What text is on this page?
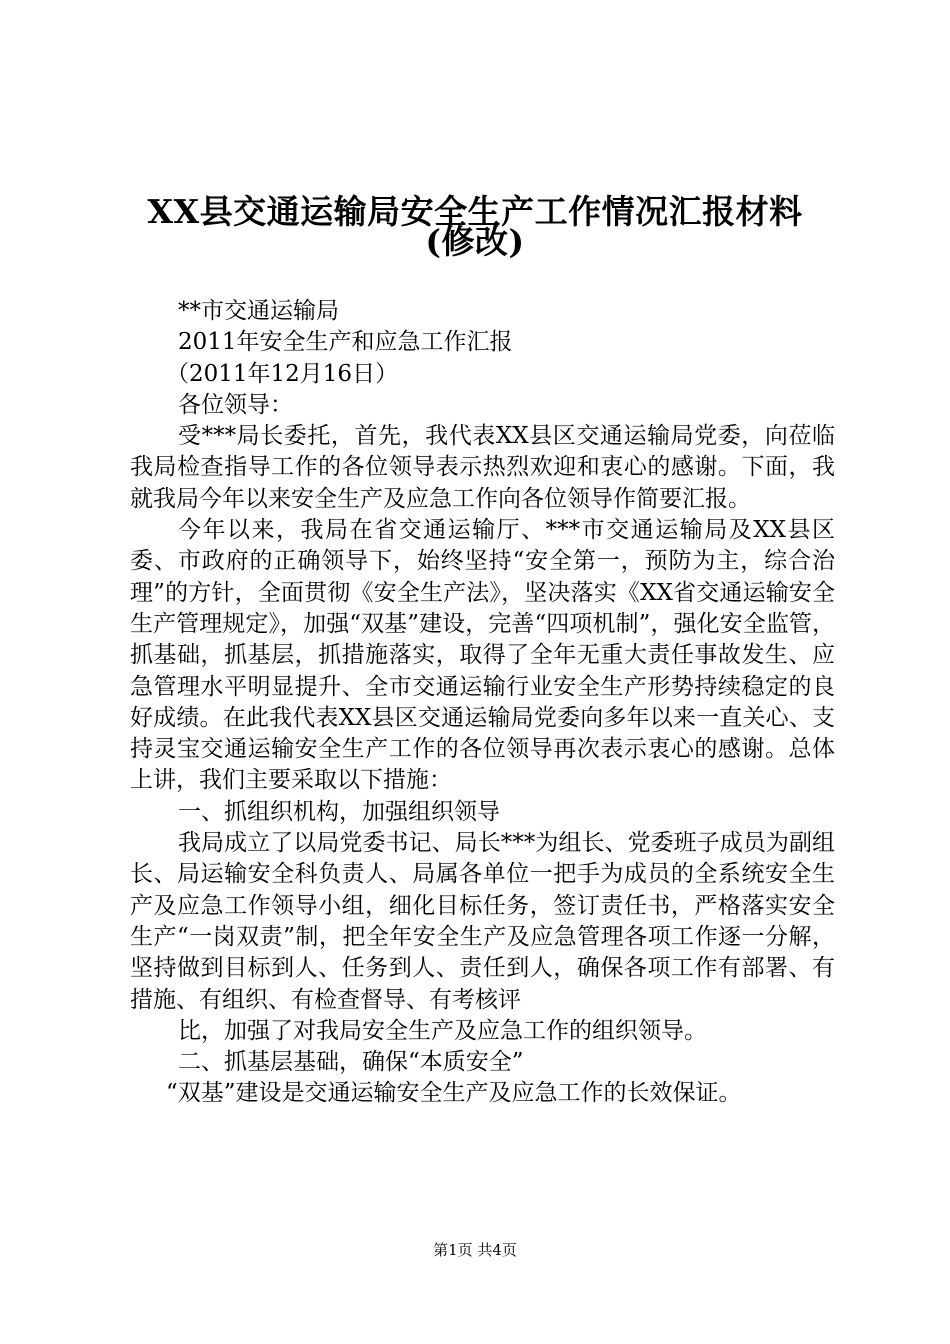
XX县交通运输局安全生产工作情况汇报材料
(修改)

**市交通运输局

2011年安全生产和应急工作汇报

（2011年12月16日）

各位领导：

受***局长委托，首先，我代表XX县区交通运输局党委，向莅临我局检查指导工作的各位领导表示热烈欢迎和衷心的感谢。下面，我就我局今年以来安全生产及应急工作向各位领导作简要汇报。

今年以来，我局在省交通运输厅、***市交通运输局及XX县区委、市政府的正确领导下，始终坚持“安全第一，预防为主，综合治理”的方针，全面贯彻《安全生产法》，坚决落实《XX省交通运输安全生产管理规定》，加强“双基”建设，完善“四项机制”，强化安全监管，抓基础，抓基层，抓措施落实，取得了全年无重大责任事故发生、应急管理水平明显提升、全市交通运输行业安全生产形势持续稳定的良好成绩。在此我代表XX县区交通运输局党委向多年以来一直关心、支持灵宝交通运输安全生产工作的各位领导再次表示衷心的感谢。总体上讲，我们主要采取以下措施：

一、抓组织机构，加强组织领导

我局成立了以局党委书记、局长***为组长、党委班子成员为副组长、局运输安全科负责人、局属各单位一把手为成员的全系统安全生产及应急工作领导小组，细化目标任务，签订责任书，严格落实安全生产“一岗双责”制，把全年安全生产及应急管理各项工作逐一分解，坚持做到目标到人、任务到人、责任到人，确保各项工作有部署、有措施、有组织、有检查督导、有考核评

比，加强了对我局安全生产及应急工作的组织领导。

二、抓基层基础，确保“本质安全”

“双基”建设是交通运输安全生产及应急工作的长效保证。

第1页 共4页
